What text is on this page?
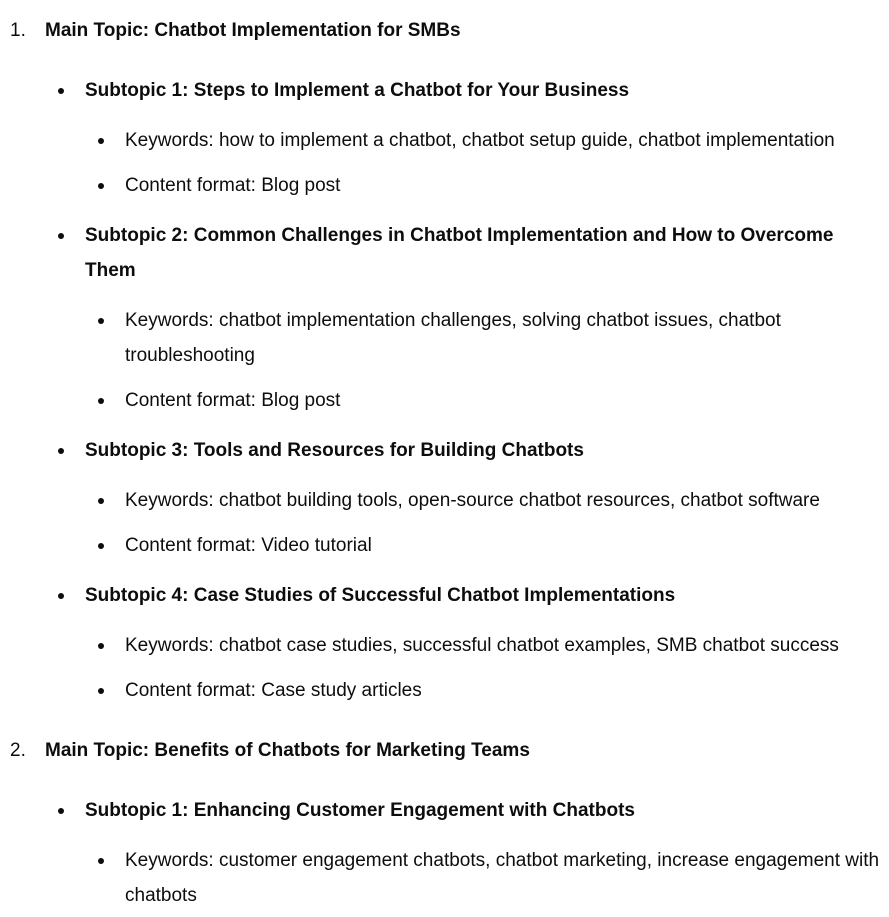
1. Main Topic: Chatbot Implementation for SMBs
Subtopic 1: Steps to Implement a Chatbot for Your Business
Keywords: how to implement a chatbot, chatbot setup guide, chatbot implementation
Content format: Blog post
Subtopic 2: Common Challenges in Chatbot Implementation and How to Overcome Them
Keywords: chatbot implementation challenges, solving chatbot issues, chatbot troubleshooting
Content format: Blog post
Subtopic 3: Tools and Resources for Building Chatbots
Keywords: chatbot building tools, open-source chatbot resources, chatbot software
Content format: Video tutorial
Subtopic 4: Case Studies of Successful Chatbot Implementations
Keywords: chatbot case studies, successful chatbot examples, SMB chatbot success
Content format: Case study articles
2. Main Topic: Benefits of Chatbots for Marketing Teams
Subtopic 1: Enhancing Customer Engagement with Chatbots
Keywords: customer engagement chatbots, chatbot marketing, increase engagement with chatbots
